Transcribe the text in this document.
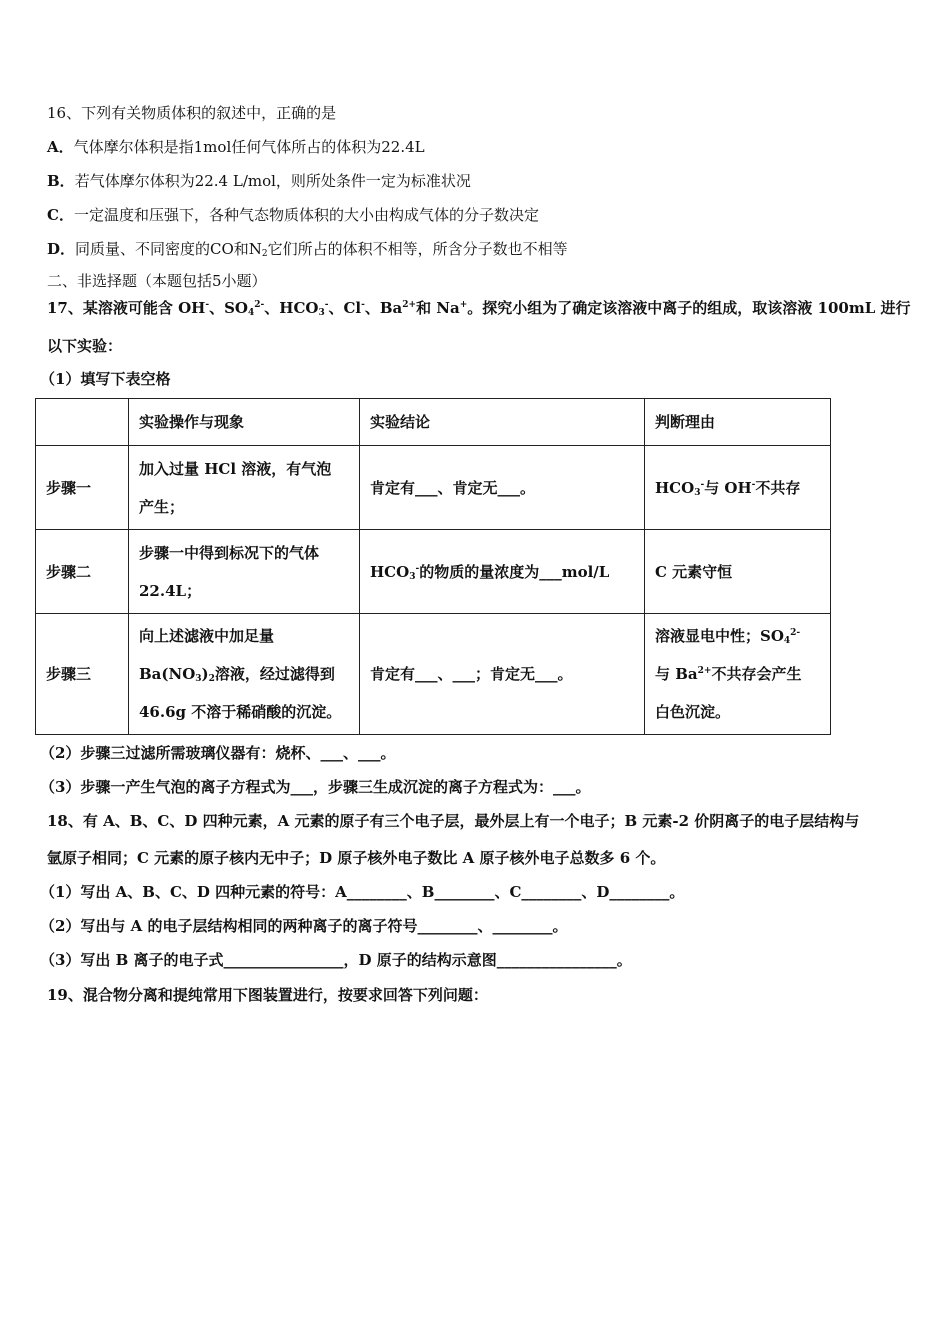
16、下列有关物质体积的叙述中，正确的是
A．气体摩尔体积是指1mol任何气体所占的体积为22.4L
B．若气体摩尔体积为22.4 L/mol，则所处条件一定为标准状况
C．一定温度和压强下，各种气态物质体积的大小由构成气体的分子数决定
D．同质量、不同密度的CO和$N_2$它们所占的体积不相等，所含分子数也不相等
二、非选择题（本题包括5小题）
17、某溶液可能含 OH-、$SO_4^{2-}$、$HCO_3^-$、Cl-、$Ba^{2+}$和 Na+。探究小组为了确定该溶液中离子的组成，取该溶液 100mL 进行
以下实验：
（1）填写下表空格
	实验操作与现象	实验结论	判断理由
步骤一	加入过量 HCl 溶液，有气泡
产生；	肯定有___、肯定无___。	$HCO_3^-$与 OH-不共存
步骤二	步骤一中得到标况下的气体
22.4L；	$HCO_3^-$的物质的量浓度为___mol/L	C 元素守恒
步骤三	向上述滤液中加足量
$Ba(NO_3)_2$溶液，经过滤得到
46.6g 不溶于稀硝酸的沉淀。	肯定有___、___；肯定无___。	溶液显电中性；$SO_4^{2-}$
与 $Ba^{2+}$不共存会产生
白色沉淀。
（2）步骤三过滤所需玻璃仪器有：烧杯、___、___。
（3）步骤一产生气泡的离子方程式为___，步骤三生成沉淀的离子方程式为：___。
18、有 A、B、C、D 四种元素，A 元素的原子有三个电子层，最外层上有一个电子；B 元素-2 价阴离子的电子层结构与
氩原子相同；C 元素的原子核内无中子；D 原子核外电子数比 A 原子核外电子总数多 6 个。
（1）写出 A、B、C、D 四种元素的符号：A________、B________、C________、D________。
（2）写出与 A 的电子层结构相同的两种离子的离子符号________、________。
（3）写出 B 离子的电子式________________，D 原子的结构示意图________________。
19、混合物分离和提纯常用下图装置进行，按要求回答下列问题：
